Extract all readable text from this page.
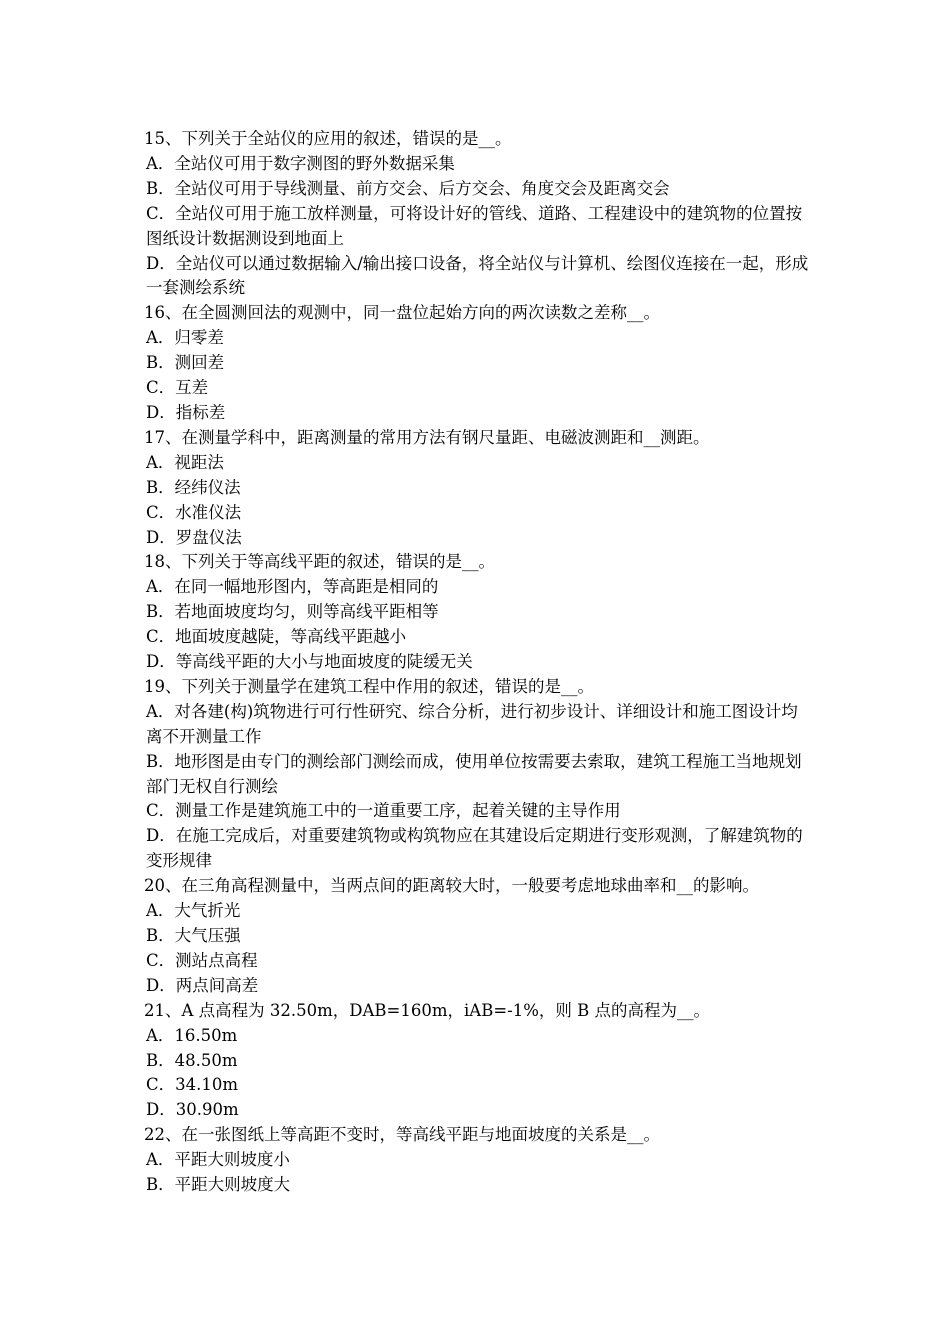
15、下列关于全站仪的应用的叙述，错误的是__。
A．全站仪可用于数字测图的野外数据采集
B．全站仪可用于导线测量、前方交会、后方交会、角度交会及距离交会
C．全站仪可用于施工放样测量，可将设计好的管线、道路、工程建设中的建筑物的位置按图纸设计数据测设到地面上
D．全站仪可以通过数据输入/输出接口设备，将全站仪与计算机、绘图仪连接在一起，形成一套测绘系统
16、在全圆测回法的观测中，同一盘位起始方向的两次读数之差称__。
A．归零差
B．测回差
C．互差
D．指标差
17、在测量学科中，距离测量的常用方法有钢尺量距、电磁波测距和__测距。
A．视距法
B．经纬仪法
C．水准仪法
D．罗盘仪法
18、下列关于等高线平距的叙述，错误的是__。
A．在同一幅地形图内，等高距是相同的
B．若地面坡度均匀，则等高线平距相等
C．地面坡度越陡，等高线平距越小
D．等高线平距的大小与地面坡度的陡缓无关
19、下列关于测量学在建筑工程中作用的叙述，错误的是__。
A．对各建(构)筑物进行可行性研究、综合分析，进行初步设计、详细设计和施工图设计均离不开测量工作
B．地形图是由专门的测绘部门测绘而成，使用单位按需要去索取，建筑工程施工当地规划部门无权自行测绘
C．测量工作是建筑施工中的一道重要工序，起着关键的主导作用
D．在施工完成后，对重要建筑物或构筑物应在其建设后定期进行变形观测，了解建筑物的变形规律
20、在三角高程测量中，当两点间的距离较大时，一般要考虑地球曲率和__的影响。
A．大气折光
B．大气压强
C．测站点高程
D．两点间高差
21、A 点高程为 32.50m，DAB=160m，iAB=-1%，则 B 点的高程为__。
A．16.50m
B．48.50m
C．34.10m
D．30.90m
22、在一张图纸上等高距不变时，等高线平距与地面坡度的关系是__。
A．平距大则坡度小
B．平距大则坡度大
